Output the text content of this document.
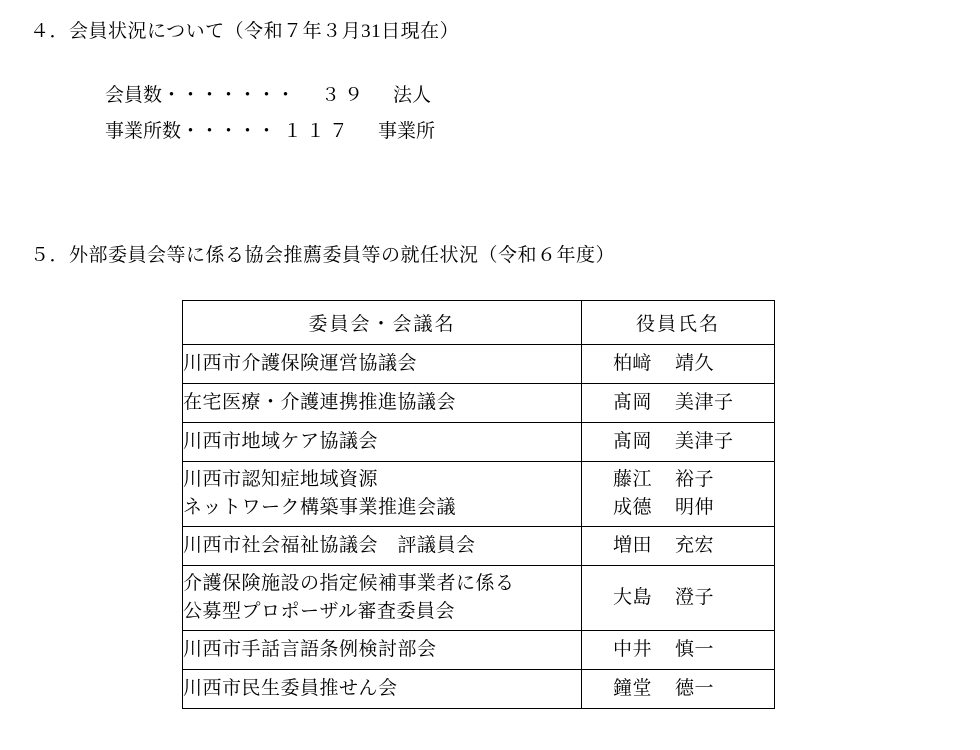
４．会員状況について（令和７年３月31日現在）
会員数・・・・・・・	３９	法人
事業所数・・・・・ １１７	事業所
５．外部委員会等に係る協会推薦委員等の就任状況（令和６年度）
委員会・会議名	役員氏名

川西市介護保険運営協議会	柏﨑 靖久

在宅医療・介護連携推進協議会	髙岡 美津子

川西市地域ケア協議会	髙岡 美津子

川西市認知症地域資源
ネットワーク構築事業推進会議	藤江 裕子
成德 明伸

川西市社会福祉協議会　評議員会	増田 充宏

介護保険施設の指定候補事業者に係る
公募型プロポーザル審査委員会	大島 澄子

川西市手話言語条例検討部会	中井 慎一

川西市民生委員推せん会	鐘堂 德一
